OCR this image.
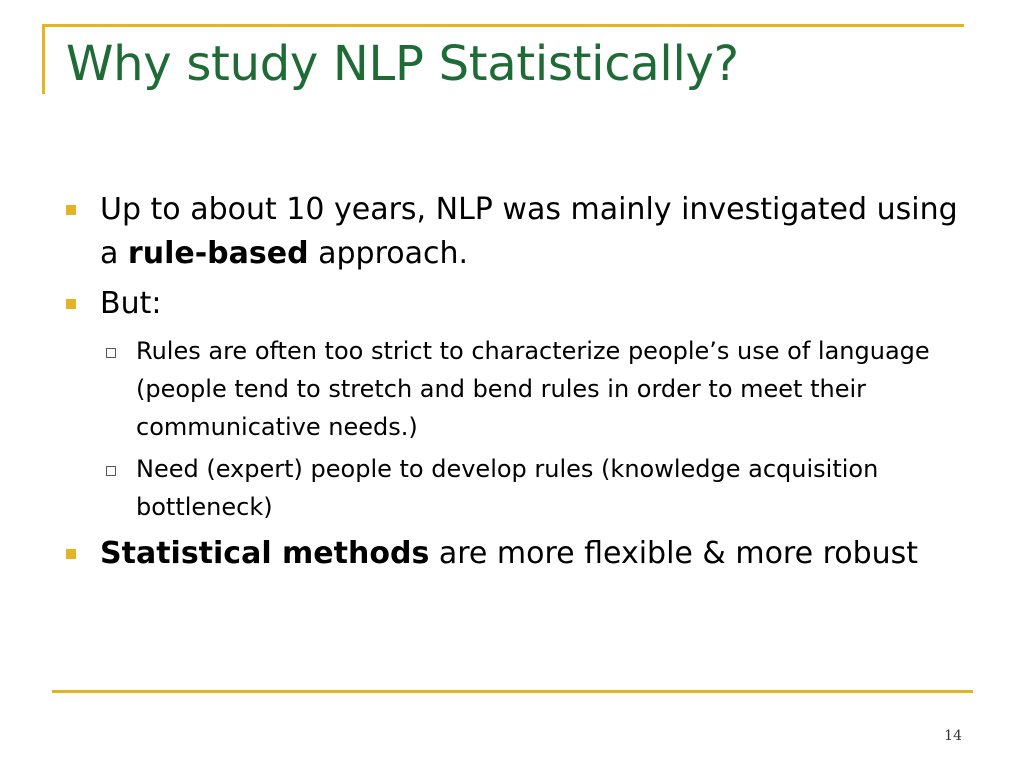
Why study NLP Statistically?
Up to about 10 years, NLP was mainly investigated using a rule-based approach.
But:
Rules are often too strict to characterize people’s use of language (people tend to stretch and bend rules in order to meet their communicative needs.)
Need (expert) people to develop rules (knowledge acquisition bottleneck)
Statistical methods are more flexible & more robust
14
